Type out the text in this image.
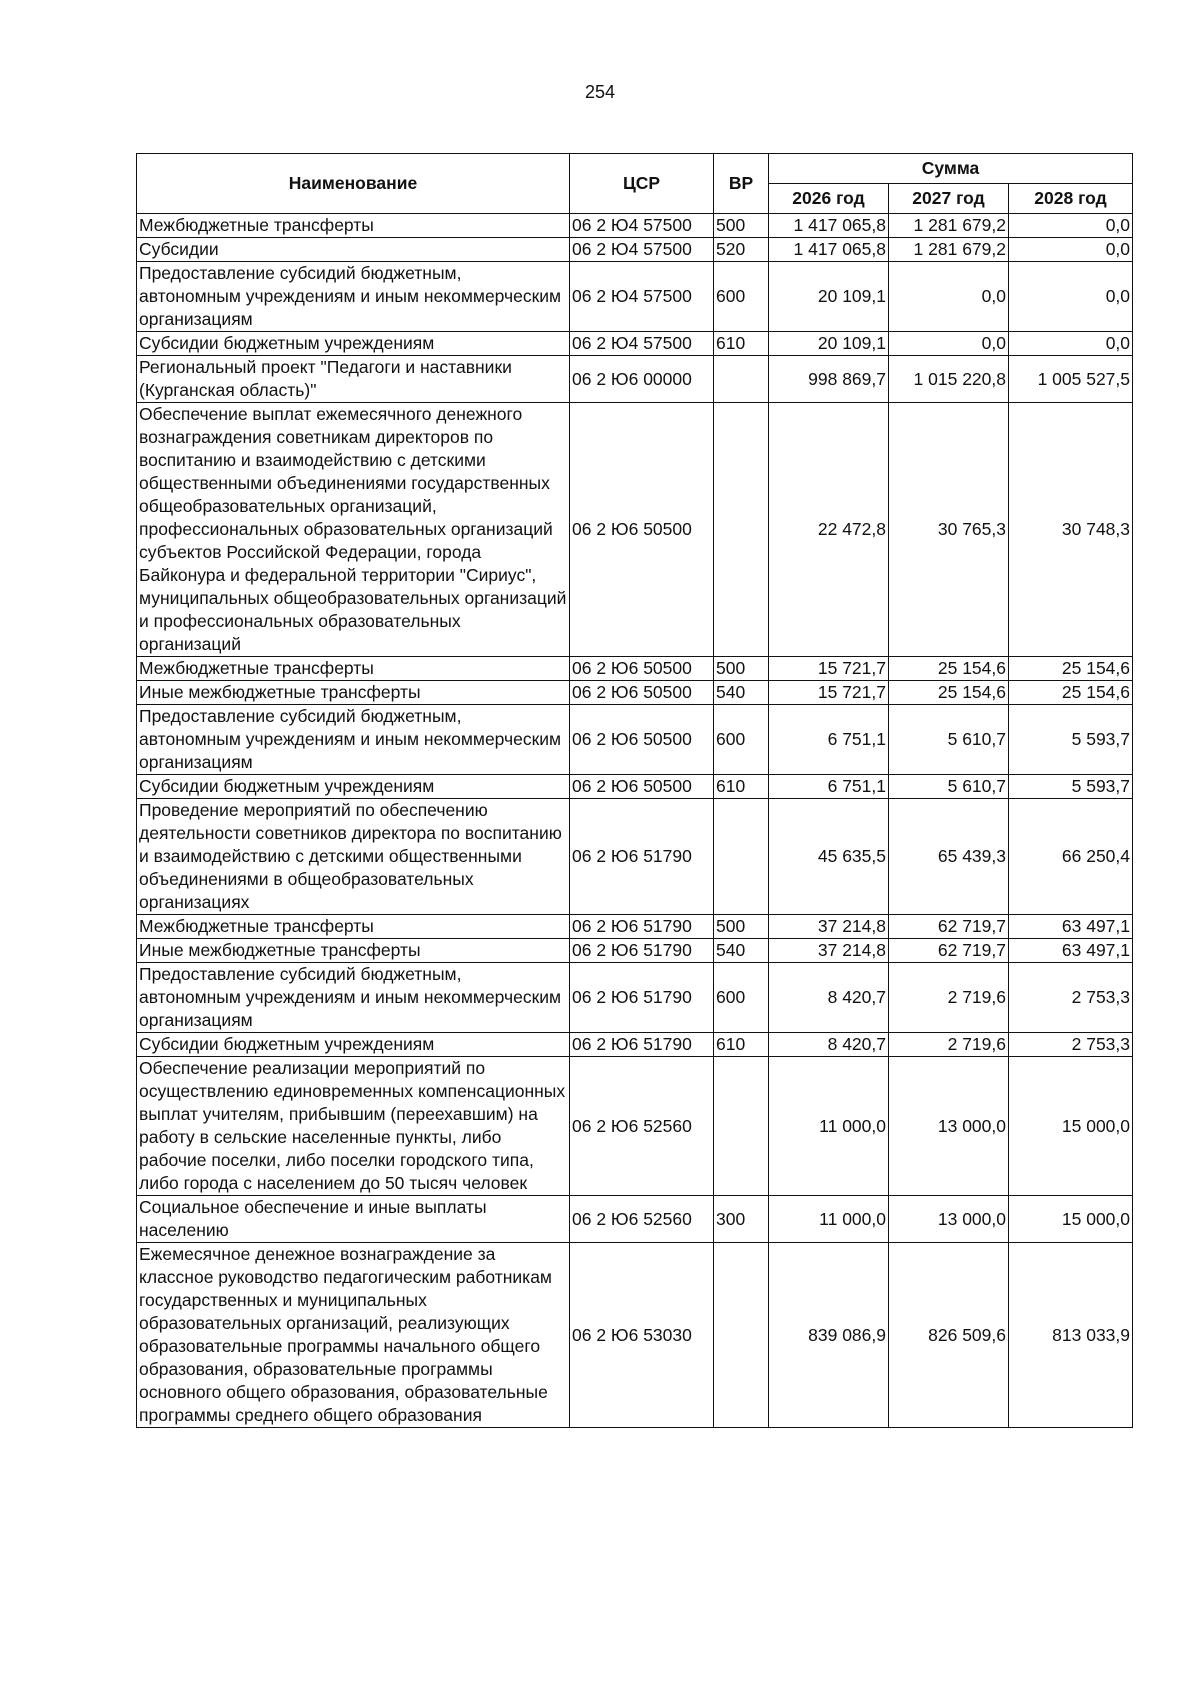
254
Наименование	ЦСР	ВР	Сумма		
			2026 год	2027 год	2028 год
Межбюджетные трансферты	06 2 Ю4 57500	500	1 417 065,8	1 281 679,2	0,0
Субсидии	06 2 Ю4 57500	520	1 417 065,8	1 281 679,2	0,0
Предоставление субсидий бюджетным, автономным учреждениям и иным некоммерческим организациям	06 2 Ю4 57500	600	20 109,1	0,0	0,0
Субсидии бюджетным учреждениям	06 2 Ю4 57500	610	20 109,1	0,0	0,0
Региональный проект "Педагоги и наставники (Курганская область)"	06 2 Ю6 00000		998 869,7	1 015 220,8	1 005 527,5
Обеспечение выплат ежемесячного денежного вознаграждения советникам директоров по воспитанию и взаимодействию с детскими общественными объединениями государственных общеобразовательных организаций, профессиональных образовательных организаций субъектов Российской Федерации, города Байконура и федеральной территории "Сириус", муниципальных общеобразовательных организаций и профессиональных образовательных организаций	06 2 Ю6 50500		22 472,8	30 765,3	30 748,3
Межбюджетные трансферты	06 2 Ю6 50500	500	15 721,7	25 154,6	25 154,6
Иные межбюджетные трансферты	06 2 Ю6 50500	540	15 721,7	25 154,6	25 154,6
Предоставление субсидий бюджетным, автономным учреждениям и иным некоммерческим организациям	06 2 Ю6 50500	600	6 751,1	5 610,7	5 593,7
Субсидии бюджетным учреждениям	06 2 Ю6 50500	610	6 751,1	5 610,7	5 593,7
Проведение мероприятий по обеспечению деятельности советников директора по воспитанию и взаимодействию с детскими общественными объединениями в общеобразовательных организациях	06 2 Ю6 51790		45 635,5	65 439,3	66 250,4
Межбюджетные трансферты	06 2 Ю6 51790	500	37 214,8	62 719,7	63 497,1
Иные межбюджетные трансферты	06 2 Ю6 51790	540	37 214,8	62 719,7	63 497,1
Предоставление субсидий бюджетным, автономным учреждениям и иным некоммерческим организациям	06 2 Ю6 51790	600	8 420,7	2 719,6	2 753,3
Субсидии бюджетным учреждениям	06 2 Ю6 51790	610	8 420,7	2 719,6	2 753,3
Обеспечение реализации мероприятий по осуществлению единовременных компенсационных выплат учителям, прибывшим (переехавшим) на работу в сельские населенные пункты, либо рабочие поселки, либо поселки городского типа, либо города с населением до 50 тысяч человек	06 2 Ю6 52560		11 000,0	13 000,0	15 000,0
Социальное обеспечение и иные выплаты населению	06 2 Ю6 52560	300	11 000,0	13 000,0	15 000,0
Ежемесячное денежное вознаграждение за классное руководство педагогическим работникам государственных и муниципальных образовательных организаций, реализующих образовательные программы начального общего образования, образовательные программы основного общего образования, образовательные программы среднего общего образования	06 2 Ю6 53030		839 086,9	826 509,6	813 033,9
